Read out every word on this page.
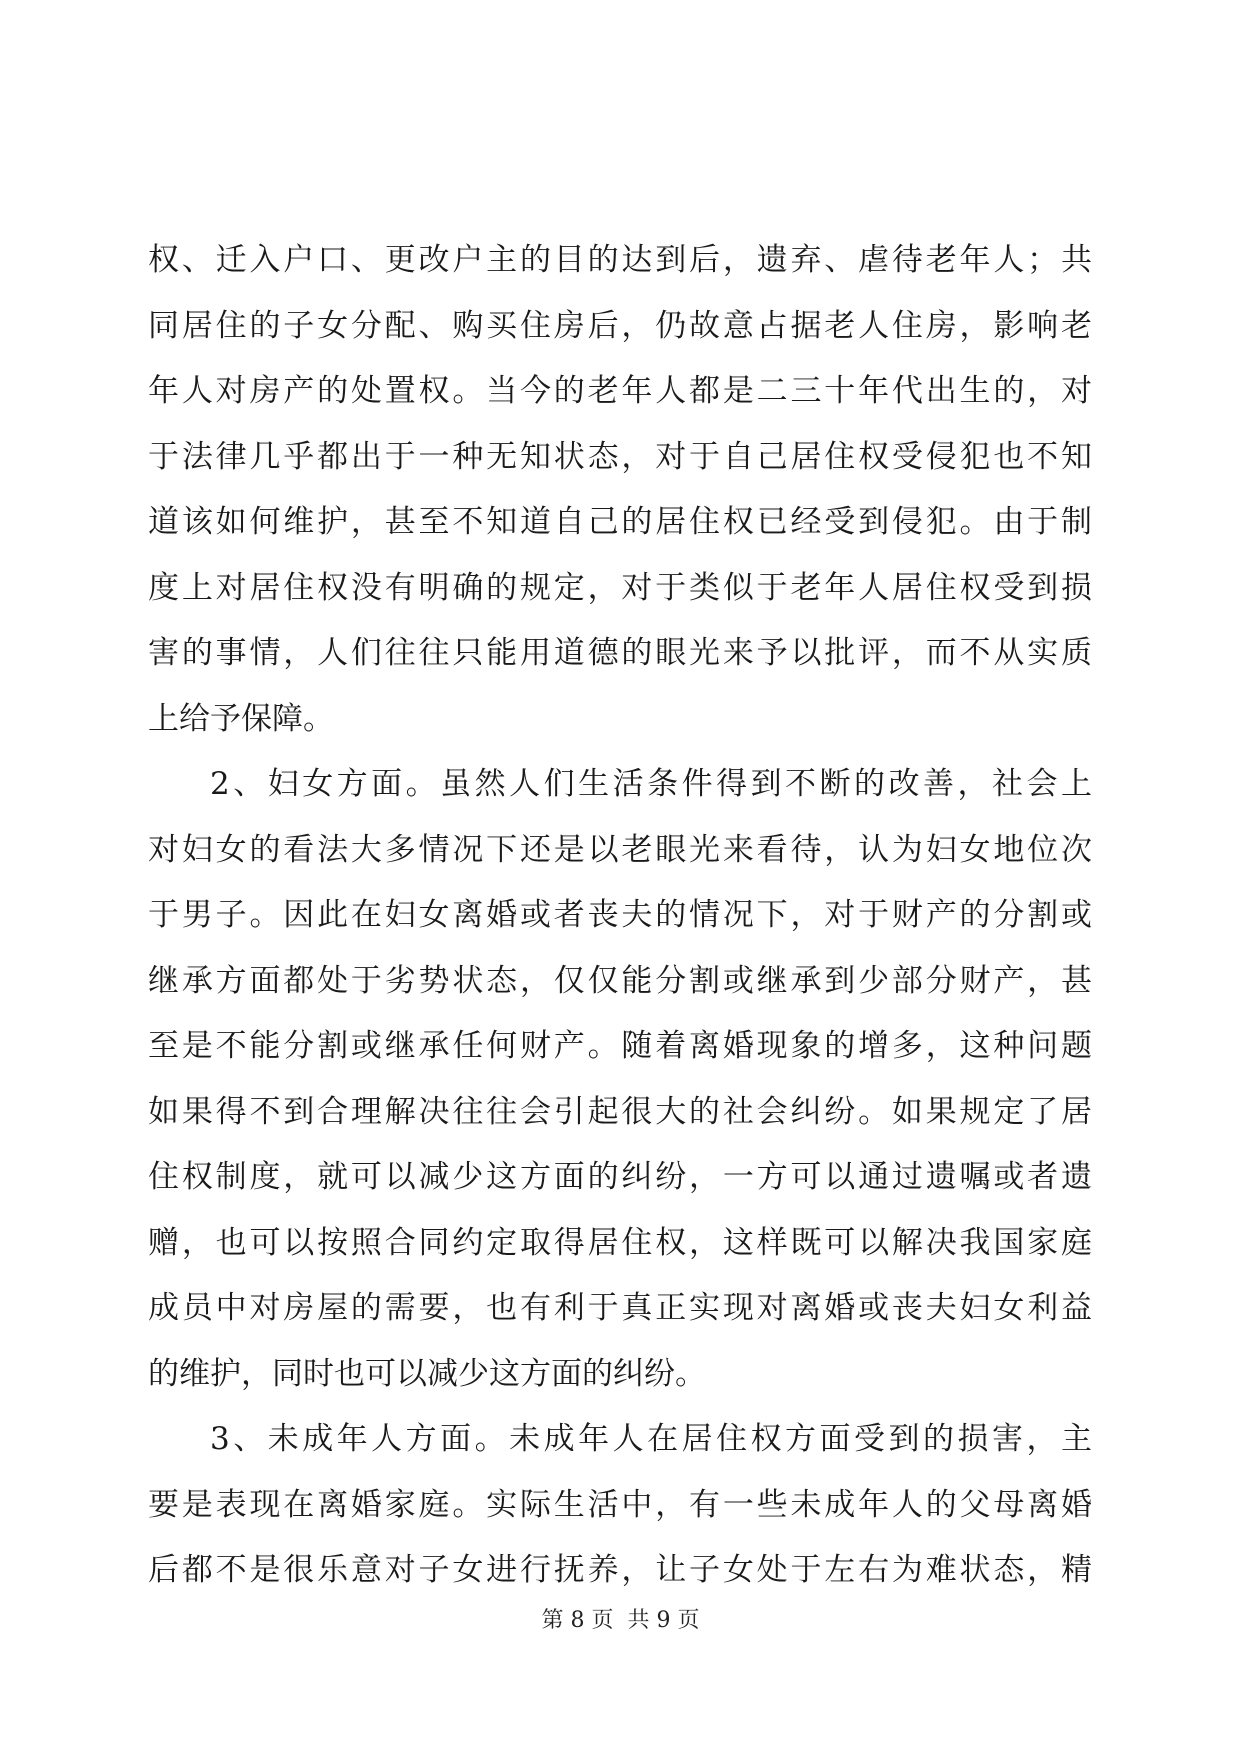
权、迁入户口、更改户主的目的达到后，遗弃、虐待老年人；共
同居住的子女分配、购买住房后，仍故意占据老人住房，影响老
年人对房产的处置权。当今的老年人都是二三十年代出生的，对
于法律几乎都出于一种无知状态，对于自己居住权受侵犯也不知
道该如何维护，甚至不知道自己的居住权已经受到侵犯。由于制
度上对居住权没有明确的规定，对于类似于老年人居住权受到损
害的事情，人们往往只能用道德的眼光来予以批评，而不从实质
上给予保障。
2、妇女方面。虽然人们生活条件得到不断的改善，社会上
对妇女的看法大多情况下还是以老眼光来看待，认为妇女地位次
于男子。因此在妇女离婚或者丧夫的情况下，对于财产的分割或
继承方面都处于劣势状态，仅仅能分割或继承到少部分财产，甚
至是不能分割或继承任何财产。随着离婚现象的增多，这种问题
如果得不到合理解决往往会引起很大的社会纠纷。如果规定了居
住权制度，就可以减少这方面的纠纷，一方可以通过遗嘱或者遗
赠，也可以按照合同约定取得居住权，这样既可以解决我国家庭
成员中对房屋的需要，也有利于真正实现对离婚或丧夫妇女利益
的维护，同时也可以减少这方面的纠纷。
3、未成年人方面。未成年人在居住权方面受到的损害，主
要是表现在离婚家庭。实际生活中，有一些未成年人的父母离婚
后都不是很乐意对子女进行抚养，让子女处于左右为难状态，精
第 8 页  共 9 页
